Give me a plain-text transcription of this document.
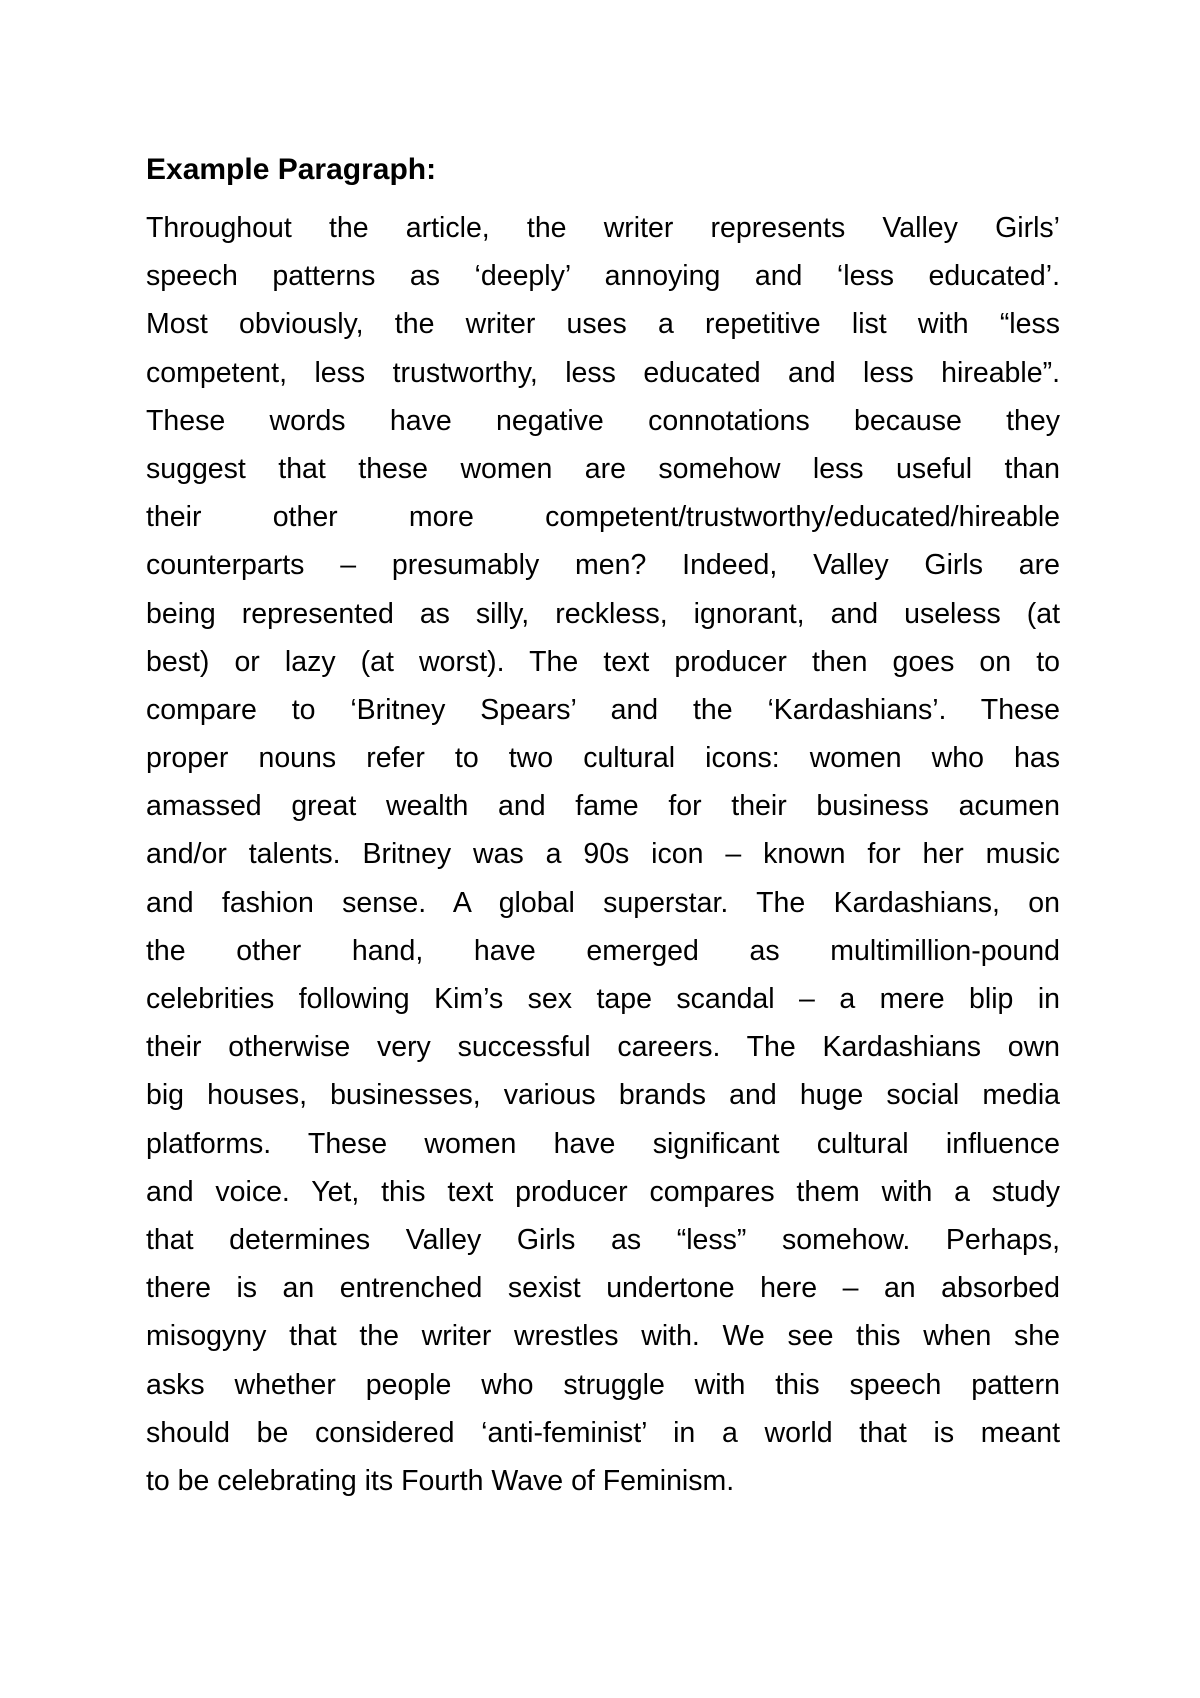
Example Paragraph:
Throughout the article, the writer represents Valley Girls’
speech patterns as ‘deeply’ annoying and ‘less educated’.
Most obviously, the writer uses a repetitive list with “less
competent, less trustworthy, less educated and less hireable”.
These words have negative connotations because they
suggest that these women are somehow less useful than
their other more competent/trustworthy/educated/hireable
counterparts – presumably men? Indeed, Valley Girls are
being represented as silly, reckless, ignorant, and useless (at
best) or lazy (at worst). The text producer then goes on to
compare to ‘Britney Spears’ and the ‘Kardashians’. These
proper nouns refer to two cultural icons: women who has
amassed great wealth and fame for their business acumen
and/or talents. Britney was a 90s icon – known for her music
and fashion sense. A global superstar. The Kardashians, on
the other hand, have emerged as multimillion-pound
celebrities following Kim’s sex tape scandal – a mere blip in
their otherwise very successful careers. The Kardashians own
big houses, businesses, various brands and huge social media
platforms. These women have significant cultural influence
and voice. Yet, this text producer compares them with a study
that determines Valley Girls as “less” somehow. Perhaps,
there is an entrenched sexist undertone here – an absorbed
misogyny that the writer wrestles with. We see this when she
asks whether people who struggle with this speech pattern
should be considered ‘anti-feminist’ in a world that is meant
to be celebrating its Fourth Wave of Feminism.
